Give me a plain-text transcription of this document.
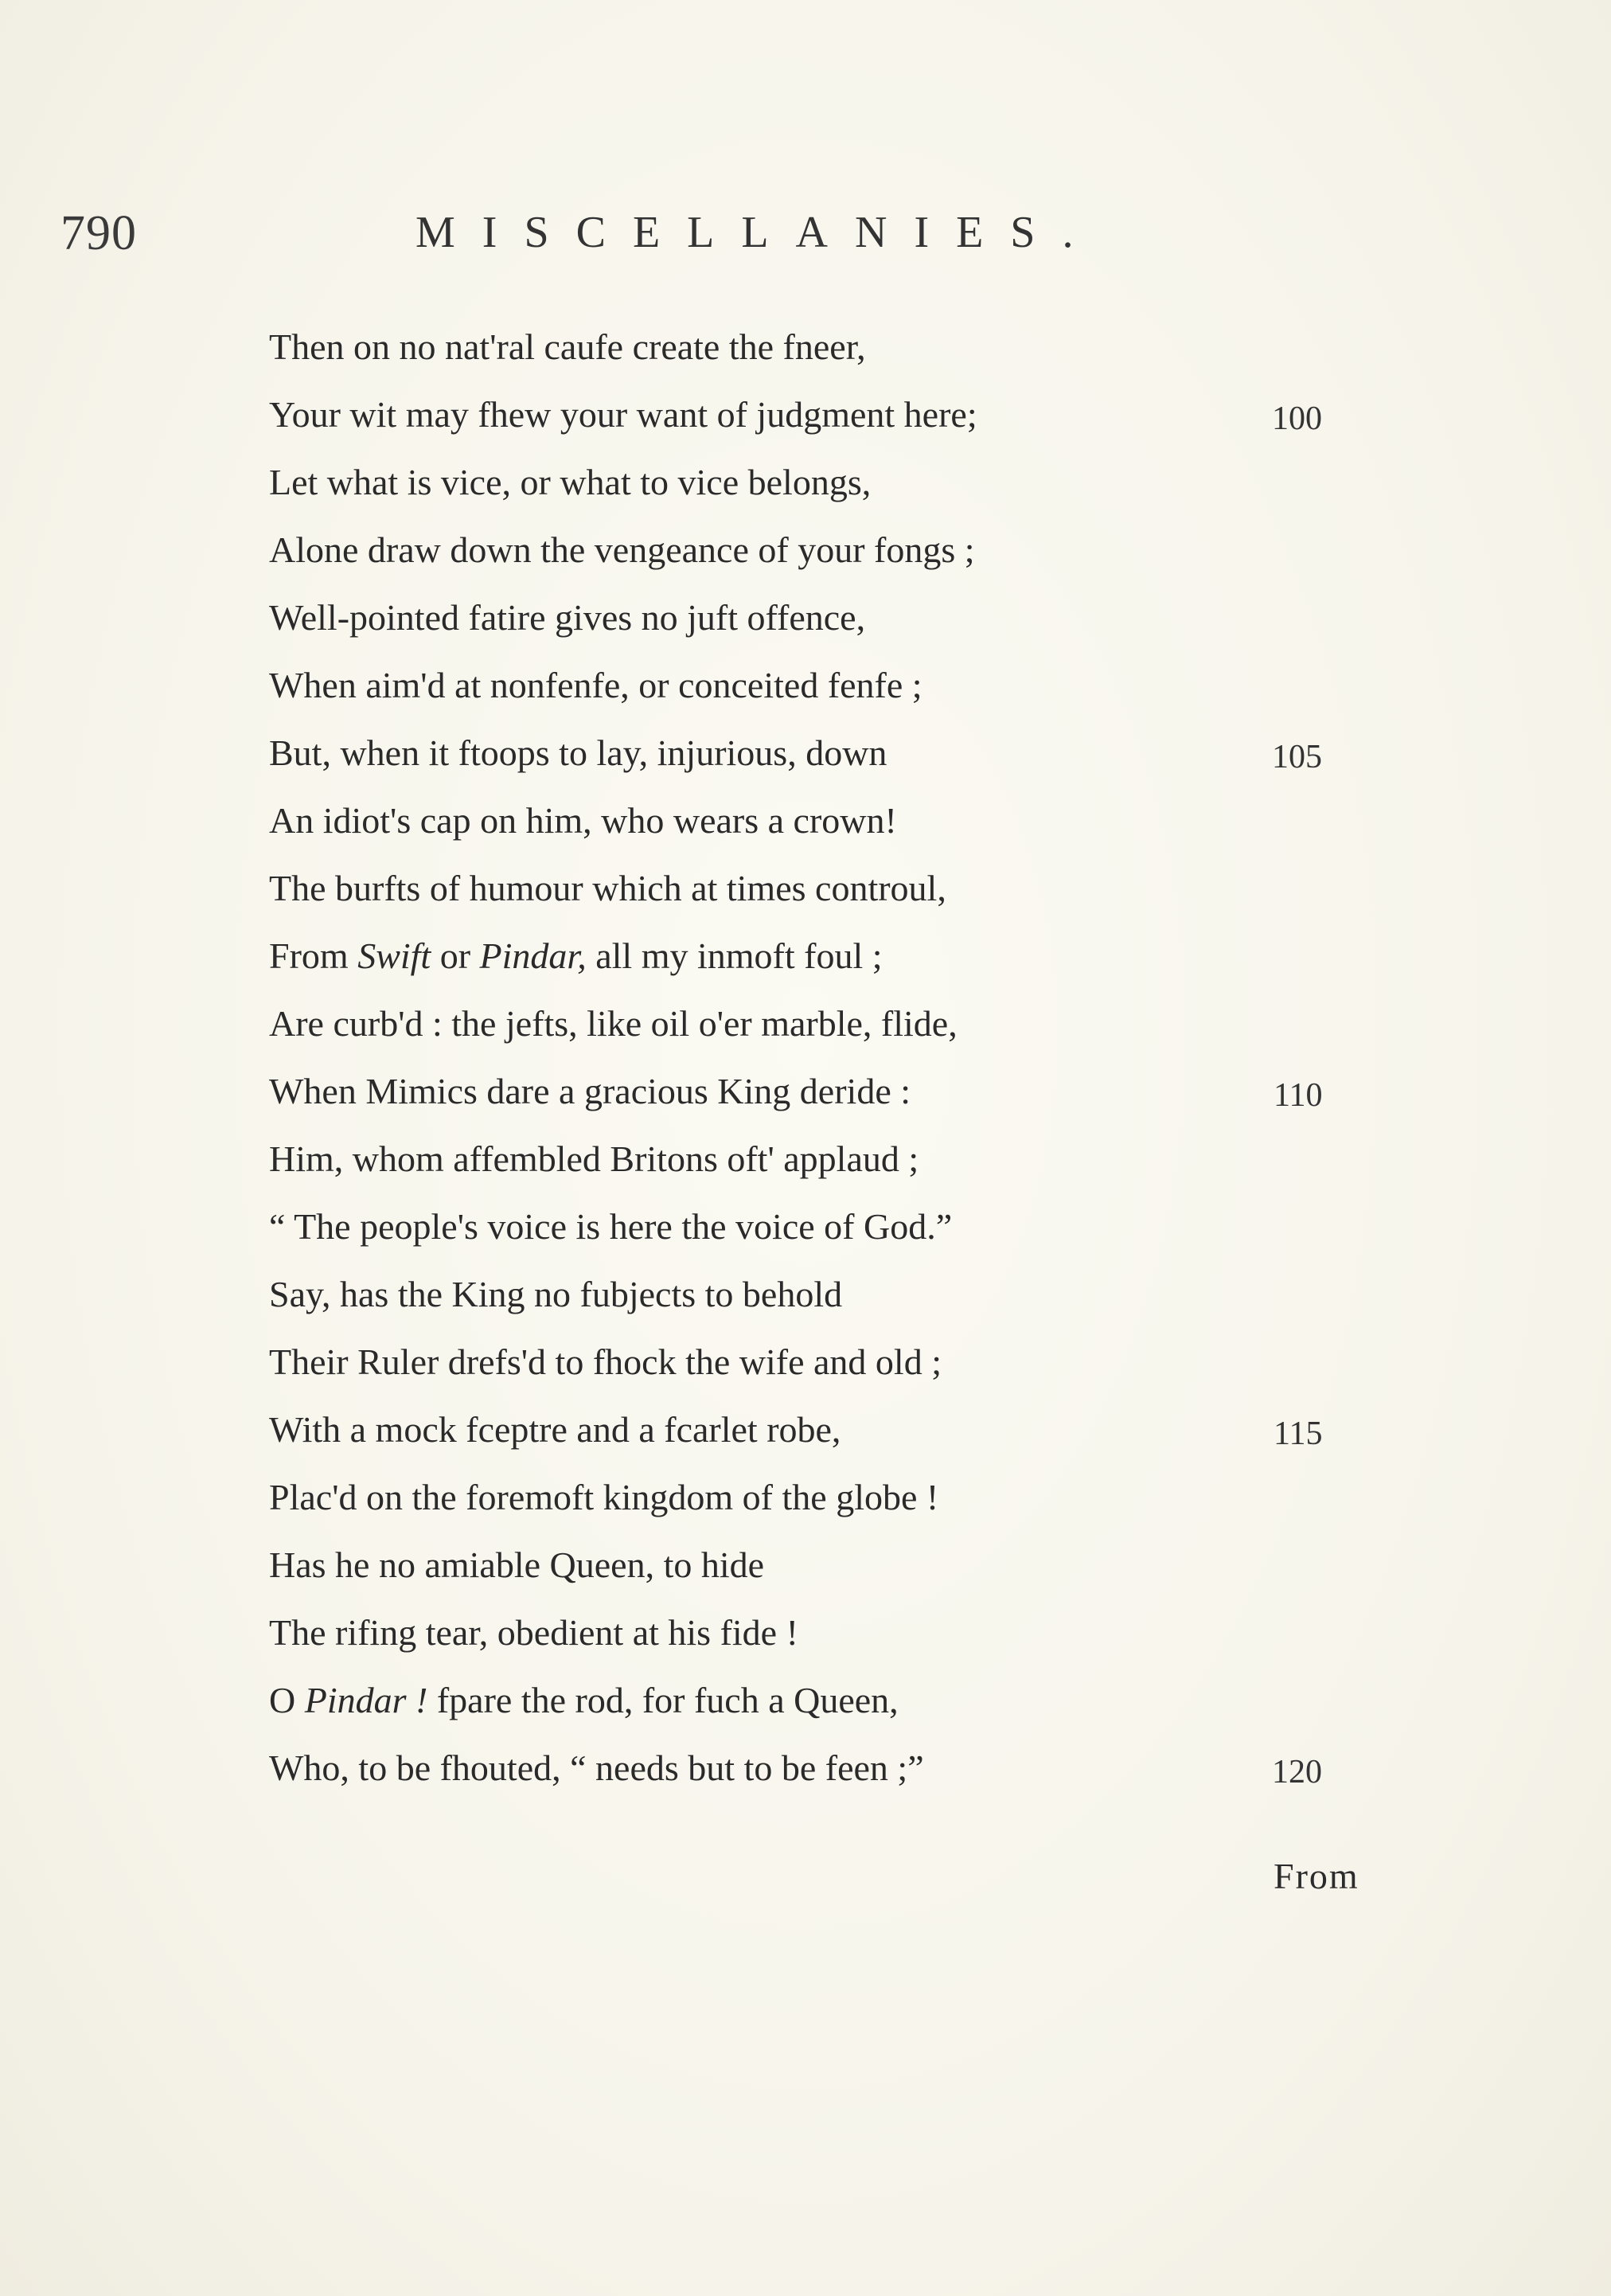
790	MISCELLANIES.
Then on no nat'ral caufe create the fneer,
Your wit may fhew your want of judgment here;
Let what is vice, or what to vice belongs,
Alone draw down the vengeance of your fongs ;
Well-pointed fatire gives no juft offence,
When aim'd at nonfenfe, or conceited fenfe ;
But, when it ftoops to lay, injurious, down
An idiot's cap on him, who wears a crown!
The burfts of humour which at times controul,
From Swift or Pindar, all my inmoft foul ;
Are curb'd : the jefts, like oil o'er marble, flide,
When Mimics dare a gracious King deride :
Him, whom affembled Britons oft' applaud ;
“ The people's voice is here the voice of God.”
Say, has the King no fubjects to behold
Their Ruler drefs'd to fhock the wife and old ;
With a mock fceptre and a fcarlet robe,
Plac'd on the foremoft kingdom of the globe !
Has he no amiable Queen, to hide
The rifing tear, obedient at his fide !
O Pindar ! fpare the rod, for fuch a Queen,
Who, to be fhouted, “ needs but to be feen ;”
100
105
110
115
120
From
